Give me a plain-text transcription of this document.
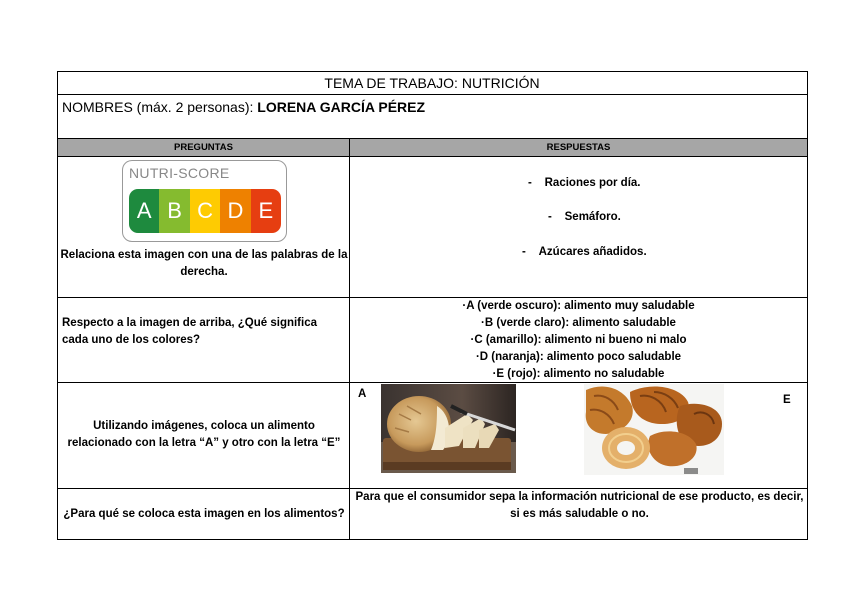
TEMA DE TRABAJO: NUTRICIÓN
NOMBRES (máx. 2 personas): LORENA GARCÍA PÉREZ
PREGUNTAS	RESPUESTAS
NUTRI-SCORE
A B C D E
Relaciona esta imagen con una de las palabras de la derecha.
-    Raciones por día.
-    Semáforo.
-    Azúcares añadidos.
Respecto a la imagen de arriba, ¿Qué significa cada uno de los colores?
·A (verde oscuro): alimento muy saludable
·B (verde claro): alimento saludable
·C (amarillo): alimento ni bueno ni malo
·D (naranja): alimento poco saludable
·E (rojo): alimento no saludable
Utilizando imágenes, coloca un alimento relacionado con la letra “A” y otro con la letra “E”
A	E
¿Para qué se coloca esta imagen en los alimentos?
Para que el consumidor sepa la información nutricional de ese producto, es decir, si es más saludable o no.
